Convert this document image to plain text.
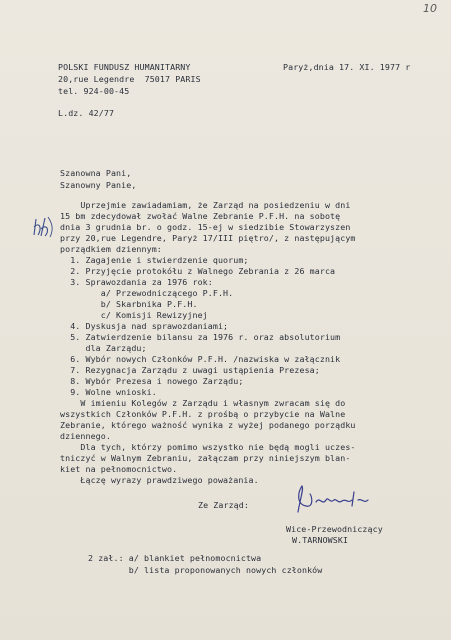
10
POLSKI FUNDUSZ HUMANITARNY
20,rue Legendre  75017 PARIS
tel. 924-00-45
Paryż,dnia 17. XI. 1977 r
L.dz. 42/77
Szanowna Pani,
Szanowny Panie,
Uprzejmie zawiadamiam, że Zarząd na posiedzeniu w dni
15 bm zdecydował zwołać Walne Zebranie P.F.H. na sobotę
dnia 3 grudnia br. o godz. 15-ej w siedzibie Stowarzyszen
przy 20,rue Legendre, Paryż 17/III piętro/, z następującym
porządkiem dziennym:
1. Zagajenie i stwierdzenie quorum;
2. Przyjęcie protokółu z Walnego Zebrania z 26 marca
3. Sprawozdania za 1976 rok:
a/ Przewodniczącego P.F.H.
b/ Skarbnika P.F.H.
c/ Komisji Rewizyjnej
4. Dyskusja nad sprawozdaniami;
5. Zatwierdzenie bilansu za 1976 r. oraz absolutorium
dla Zarządu;
6. Wybór nowych Członków P.F.H. /nazwiska w załącznik
7. Rezygnacja Zarządu z uwagi ustąpienia Prezesa;
8. Wybór Prezesa i nowego Zarządu;
9. Wolne wnioski.
W imieniu Kolegów z Zarządu i własnym zwracam się do
wszystkich Członków P.F.H. z prośbą o przybycie na Walne
Zebranie, którego ważność wynika z wyżej podanego porządku
dziennego.
Dla tych, którzy pomimo wszystko nie będą mogli uczes-
tniczyć w Walnym Zebraniu, załączam przy niniejszym blan-
kiet na pełnomocnictwo.
Łączę wyrazy prawdziwego poważania.
Ze Zarząd:
Wice-Przewodniczący
W.TARNOWSKI
2 zał.: a/ blankiet pełnomocnictwa
b/ lista proponowanych nowych członków
